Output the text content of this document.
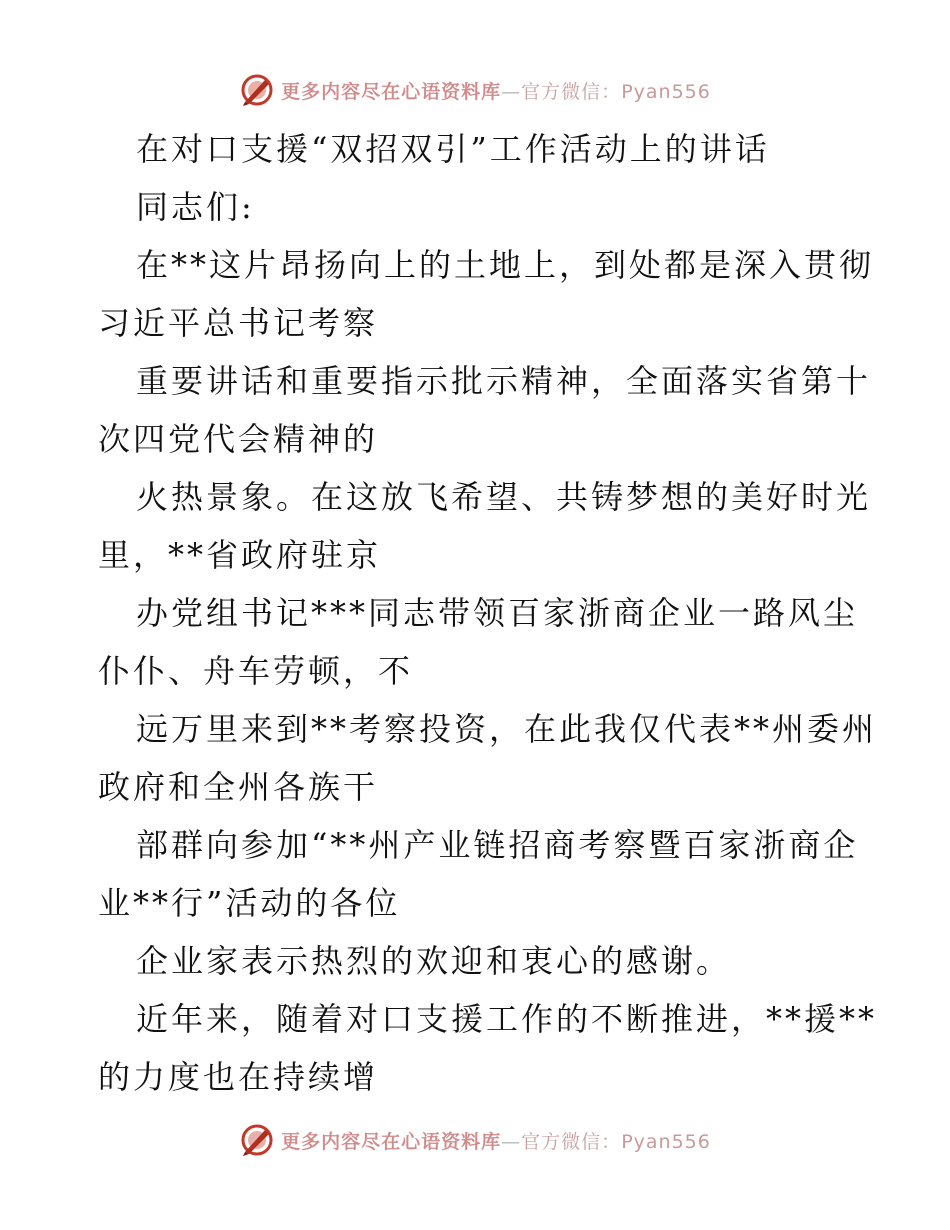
更多内容尽在心语资料库—官方微信：Pyan556
在对口支援“双招双引”工作活动上的讲话
同志们:
在**这片昂扬向上的土地上，到处都是深入贯彻
习近平总书记考察
重要讲话和重要指示批示精神，全面落实省第十
次四党代会精神的
火热景象。在这放飞希望、共铸梦想的美好时光
里，**省政府驻京
办党组书记***同志带领百家浙商企业一路风尘
仆仆、舟车劳顿，不
远万里来到**考察投资，在此我仅代表**州委州
政府和全州各族干
部群向参加“**州产业链招商考察暨百家浙商企
业**行”活动的各位
企业家表示热烈的欢迎和衷心的感谢。
近年来，随着对口支援工作的不断推进，**援**
的力度也在持续增
更多内容尽在心语资料库—官方微信：Pyan556
